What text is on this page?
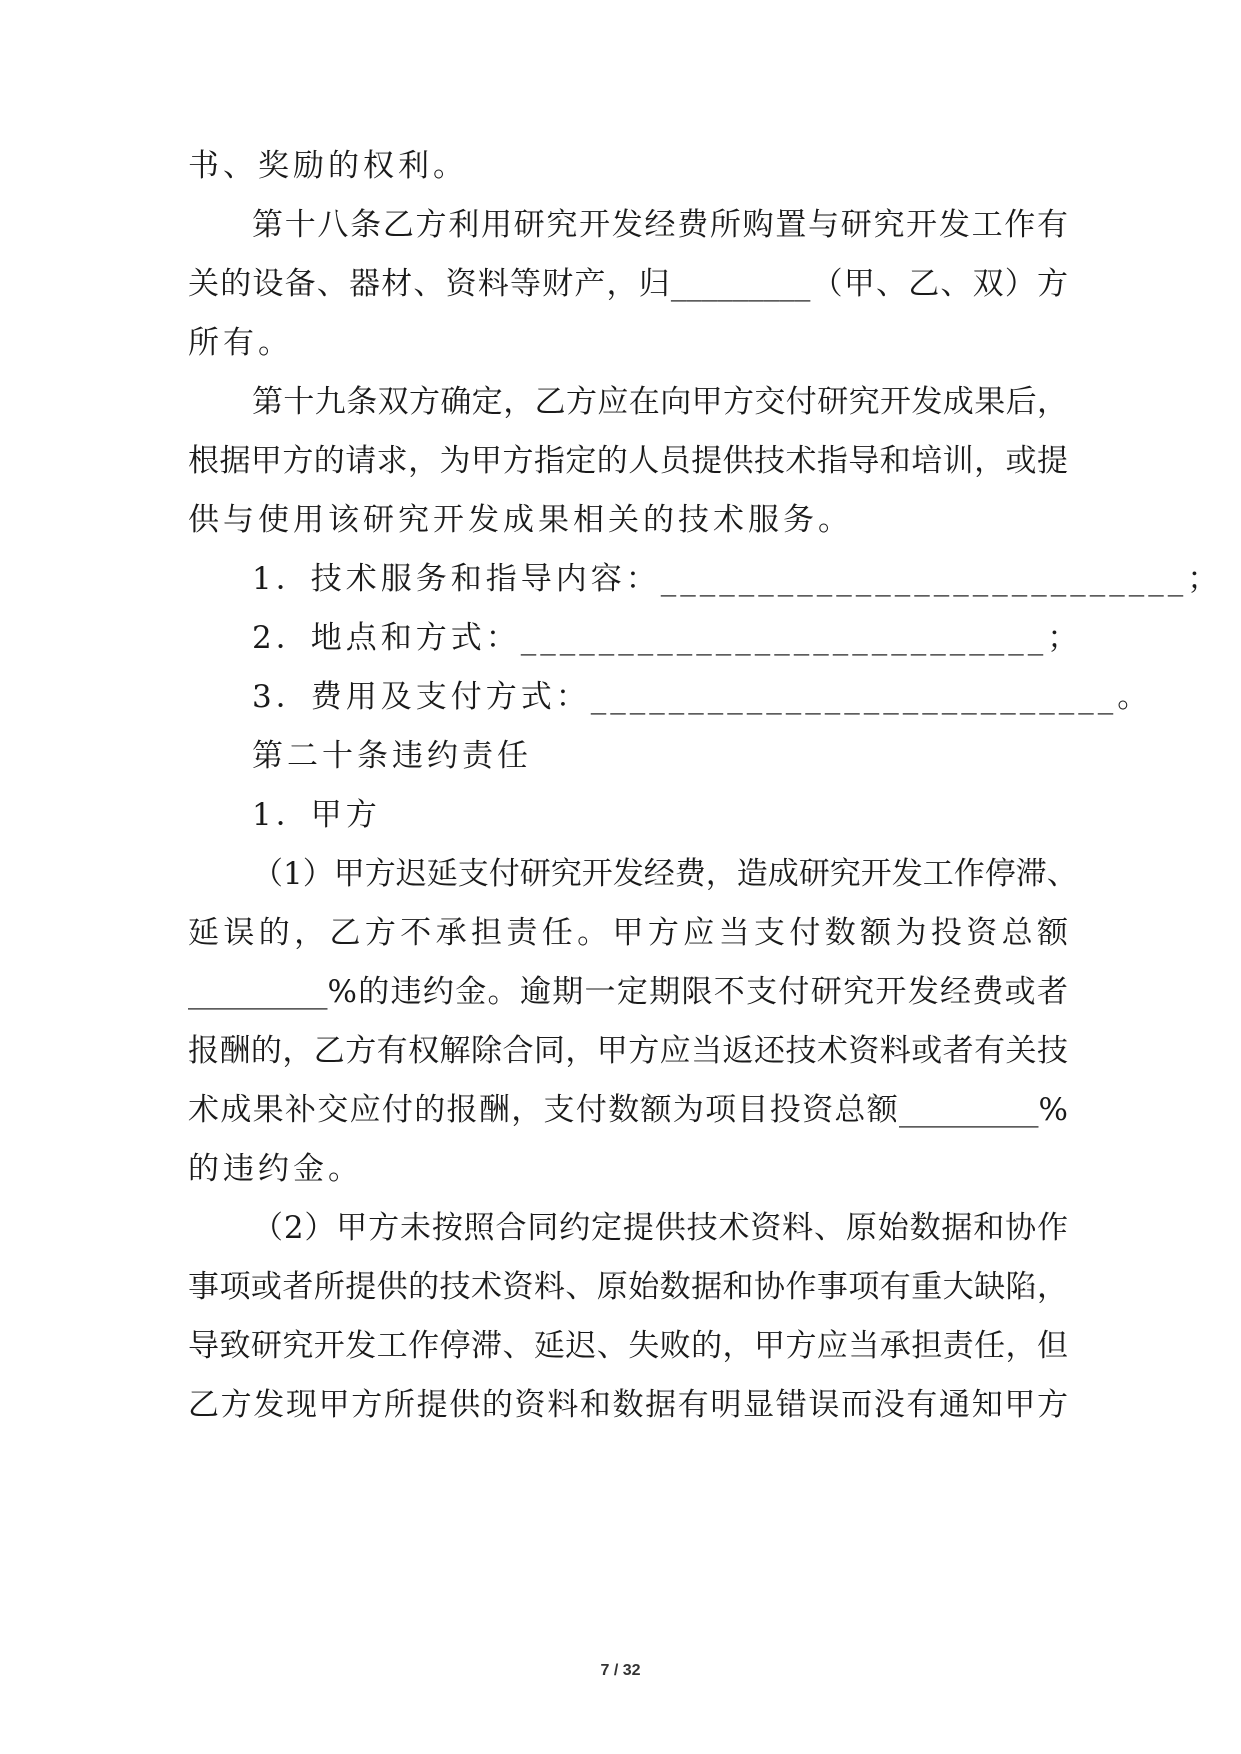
书、奖励的权利。
第十八条乙方利用研究开发经费所购置与研究开发工作有
关的设备、器材、资料等财产，归_________（甲、乙、双）方
所有。
第十九条双方确定，乙方应在向甲方交付研究开发成果后，
根据甲方的请求，为甲方指定的人员提供技术指导和培训，或提
供与使用该研究开发成果相关的技术服务。
1．技术服务和指导内容：___________________________；
2．地点和方式：___________________________；
3．费用及支付方式：___________________________。
第二十条违约责任
1．甲方
（1）甲方迟延支付研究开发经费，造成研究开发工作停滞、
延误的，乙方不承担责任。甲方应当支付数额为投资总额
_________%的违约金。逾期一定期限不支付研究开发经费或者
报酬的，乙方有权解除合同，甲方应当返还技术资料或者有关技
术成果补交应付的报酬，支付数额为项目投资总额_________%
的违约金。
（2）甲方未按照合同约定提供技术资料、原始数据和协作
事项或者所提供的技术资料、原始数据和协作事项有重大缺陷，
导致研究开发工作停滞、延迟、失败的，甲方应当承担责任，但
乙方发现甲方所提供的资料和数据有明显错误而没有通知甲方
7 / 32
